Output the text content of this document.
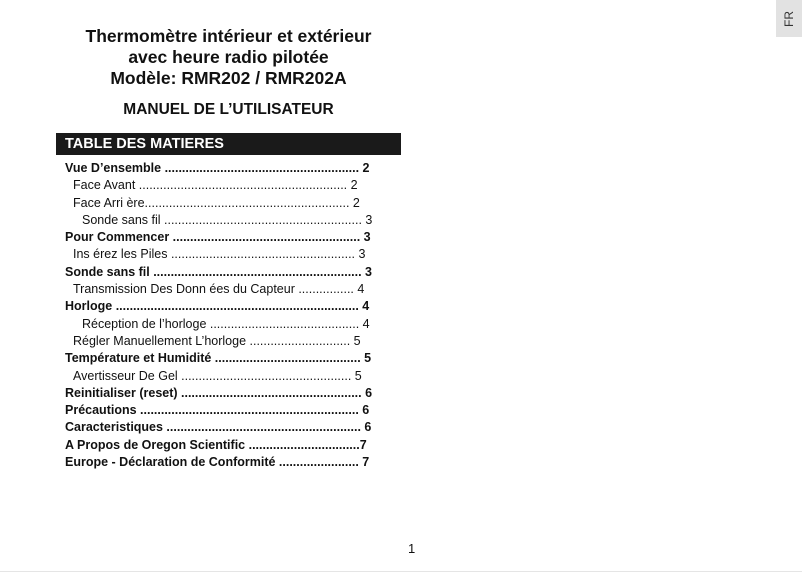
FR
Thermomètre intérieur et extérieur
avec heure radio pilotée
Modèle: RMR202 / RMR202A
MANUEL DE L’UTILISATEUR
TABLE DES MATIERES
Vue D’ensemble ........................................................ 2
Face Avant ............................................................ 2
Face Arri ère........................................................... 2
Sonde sans fil ......................................................... 3
Pour Commencer ...................................................... 3
Ins érez les Piles ..................................................... 3
Sonde sans fil ............................................................ 3
Transmission Des Donn ées du Capteur ................ 4
Horloge ...................................................................... 4
Réception de l’horloge ........................................... 4
Régler Manuellement L’horloge ............................. 5
Température et Humidité .......................................... 5
Avertisseur De Gel ................................................. 5
Reinitialiser (reset) .................................................... 6
Précautions ............................................................... 6
Caracteristiques ........................................................ 6
A Propos de Oregon Scientific ................................7
Europe - Déclaration de Conformité ....................... 7
1
